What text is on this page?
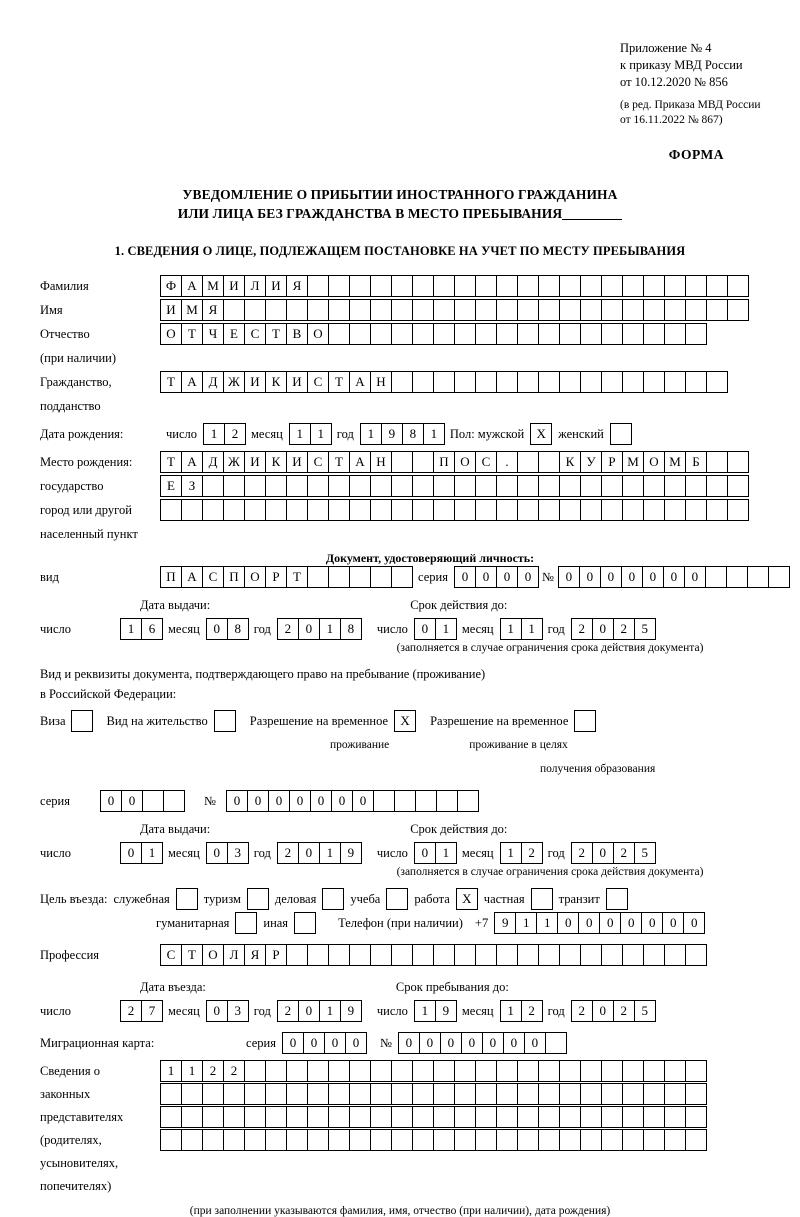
Приложение № 4
к приказу МВД России
от 10.12.2020 № 856
(в ред. Приказа МВД России
от 16.11.2022 № 867)
ФОРМА
УВЕДОМЛЕНИЕ О ПРИБЫТИИ ИНОСТРАННОГО ГРАЖДАНИНА
ИЛИ ЛИЦА БЕЗ ГРАЖДАНСТВА В МЕСТО ПРЕБЫВАНИЯ
1. СВЕДЕНИЯ О ЛИЦЕ, ПОДЛЕЖАЩЕМ ПОСТАНОВКЕ НА УЧЕТ ПО МЕСТУ ПРЕБЫВАНИЯ
Фамилия	Ф А М И Л И Я
Имя	И М Я
Отчество	О Т Ч Е С Т В О
(при наличии)
Гражданство,	Т А Д Ж И К И С Т А Н
подданство
Дата рождения:	число	1	2	месяц	1	1	год	1	9	8	1	Пол: мужской X женский
Место рождения:	Т А Д Ж И К И С Т А Н	П О С	.	К У Р М О М Б
государство	Е	З
город или другой
населенный пункт
Документ, удостоверяющий личность:
вид	П А С П О Р	Т	серия	0	0	0	0 № 0	0	0	0	0	0	0
Дата выдачи:	Срок действия до:
число	1	6	месяц	0	8	год	2	0	1	8	число	0	1	месяц	1	1	год	2	0	2	5
(заполняется в случае ограничения срока действия документа)
Вид и реквизиты документа, подтверждающего право на пребывание (проживание)
в Российской Федерации:
Виза	Вид на жительство	Разрешение на временное X	Разрешение на временное
проживание	проживание в целях
получения образования
серия	0	0	№	0	0	0	0	0	0	0
Дата выдачи:	Срок действия до:
число	0	1	месяц	0	3	год	2	0	1	9	число	0	1	месяц	1	2	год	2	0	2	5
(заполняется в случае ограничения срока действия документа)
Цель въезда: служебная	туризм	деловая	учеба	работа X частная	транзит
гуманитарная	иная	Телефон (при наличии) +7	9	1	1	0	0	0	0	0	0	0
Профессия	С Т О Л Я	Р
Дата въезда:	Срок пребывания до:
число	2	7	месяц	0	3	год	2	0	1	9	число	1	9	месяц	1	2	год	2	0	2	5
Миграционная карта:	серия	0	0	0	0	№	0	0	0	0	0	0	0
Сведения о	1	1	2	2
законных
представителях
(родителях,
усыновителях,
попечителях)
(при заполнении указываются фамилия, имя, отчество (при наличии), дата рождения)
